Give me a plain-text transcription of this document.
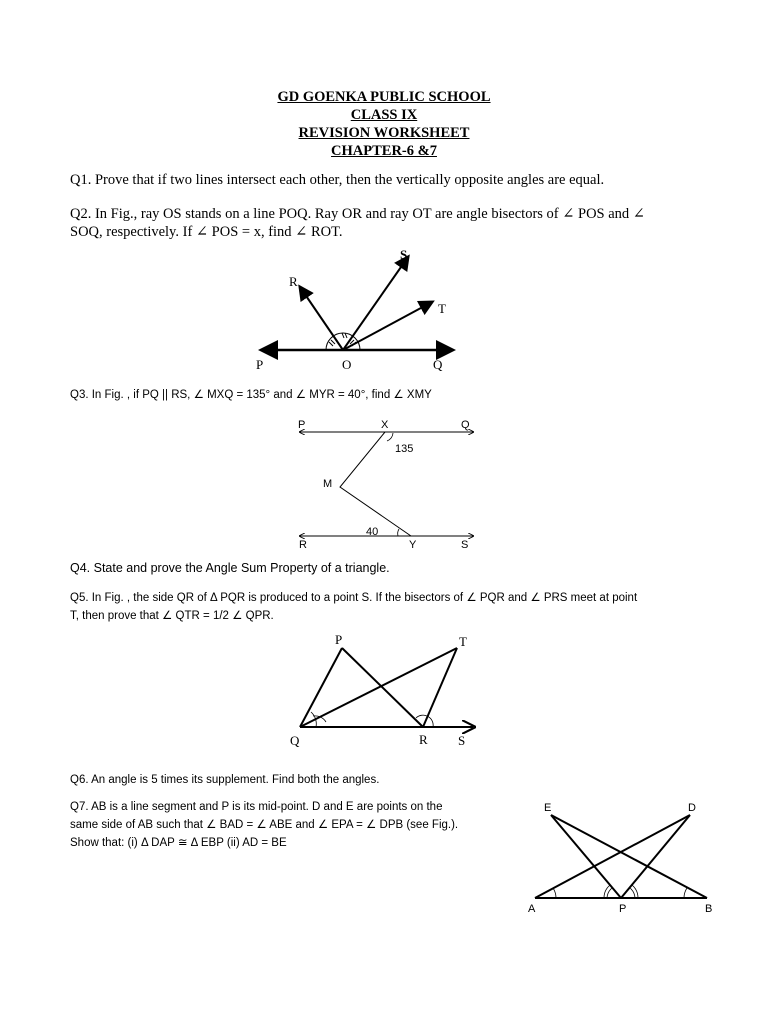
GD GOENKA PUBLIC SCHOOL
CLASS IX
REVISION WORKSHEET
CHAPTER-6 &7
Q1. Prove that if two lines intersect each other, then the vertically opposite angles are equal.
Q2. In Fig., ray OS stands on a line POQ. Ray OR and ray OT are angle bisectors of ∠ POS and ∠
SOQ, respectively. If ∠ POS = x, find ∠ ROT.
S
R
T
P	O	Q
Q3. In Fig. , if PQ || RS, ∠ MXQ = 135° and ∠ MYR = 40°, find ∠ XMY
P	X	Q
135
M
40
R	Y	S
Q4. State and prove the Angle Sum Property of a triangle.
Q5. In Fig. , the side QR of Δ PQR is produced to a point S. If the bisectors of ∠ PQR and ∠ PRS meet at point
T, then prove that ∠ QTR = 1/2 ∠ QPR.
P	T
Q	R S
Q6. An angle is 5 times its supplement. Find both the angles.
Q7. AB is a line segment and P is its mid-point. D and E are points on the
same side of AB such that ∠ BAD = ∠ ABE and ∠ EPA = ∠ DPB (see Fig.).
Show that: (i) Δ DAP ≅ Δ EBP (ii) AD = BE
E	D
A	P	B
